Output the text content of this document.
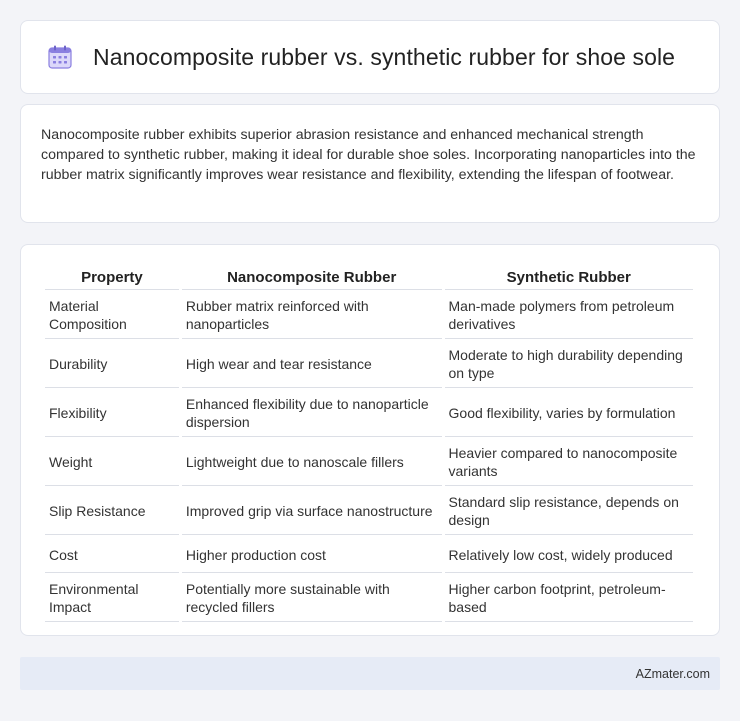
Nanocomposite rubber vs. synthetic rubber for shoe sole

Nanocomposite rubber exhibits superior abrasion resistance and enhanced mechanical strength compared to synthetic rubber, making it ideal for durable shoe soles. Incorporating nanoparticles into the rubber matrix significantly improves wear resistance and flexibility, extending the lifespan of footwear.

Property	Nanocomposite Rubber	Synthetic Rubber
Material Composition	Rubber matrix reinforced with nanoparticles	Man-made polymers from petroleum derivatives
Durability	High wear and tear resistance	Moderate to high durability depending on type
Flexibility	Enhanced flexibility due to nanoparticle dispersion	Good flexibility, varies by formulation
Weight	Lightweight due to nanoscale fillers	Heavier compared to nanocomposite variants
Slip Resistance	Improved grip via surface nanostructure	Standard slip resistance, depends on design
Cost	Higher production cost	Relatively low cost, widely produced
Environmental Impact	Potentially more sustainable with recycled fillers	Higher carbon footprint, petroleum-based
AZmater.com
